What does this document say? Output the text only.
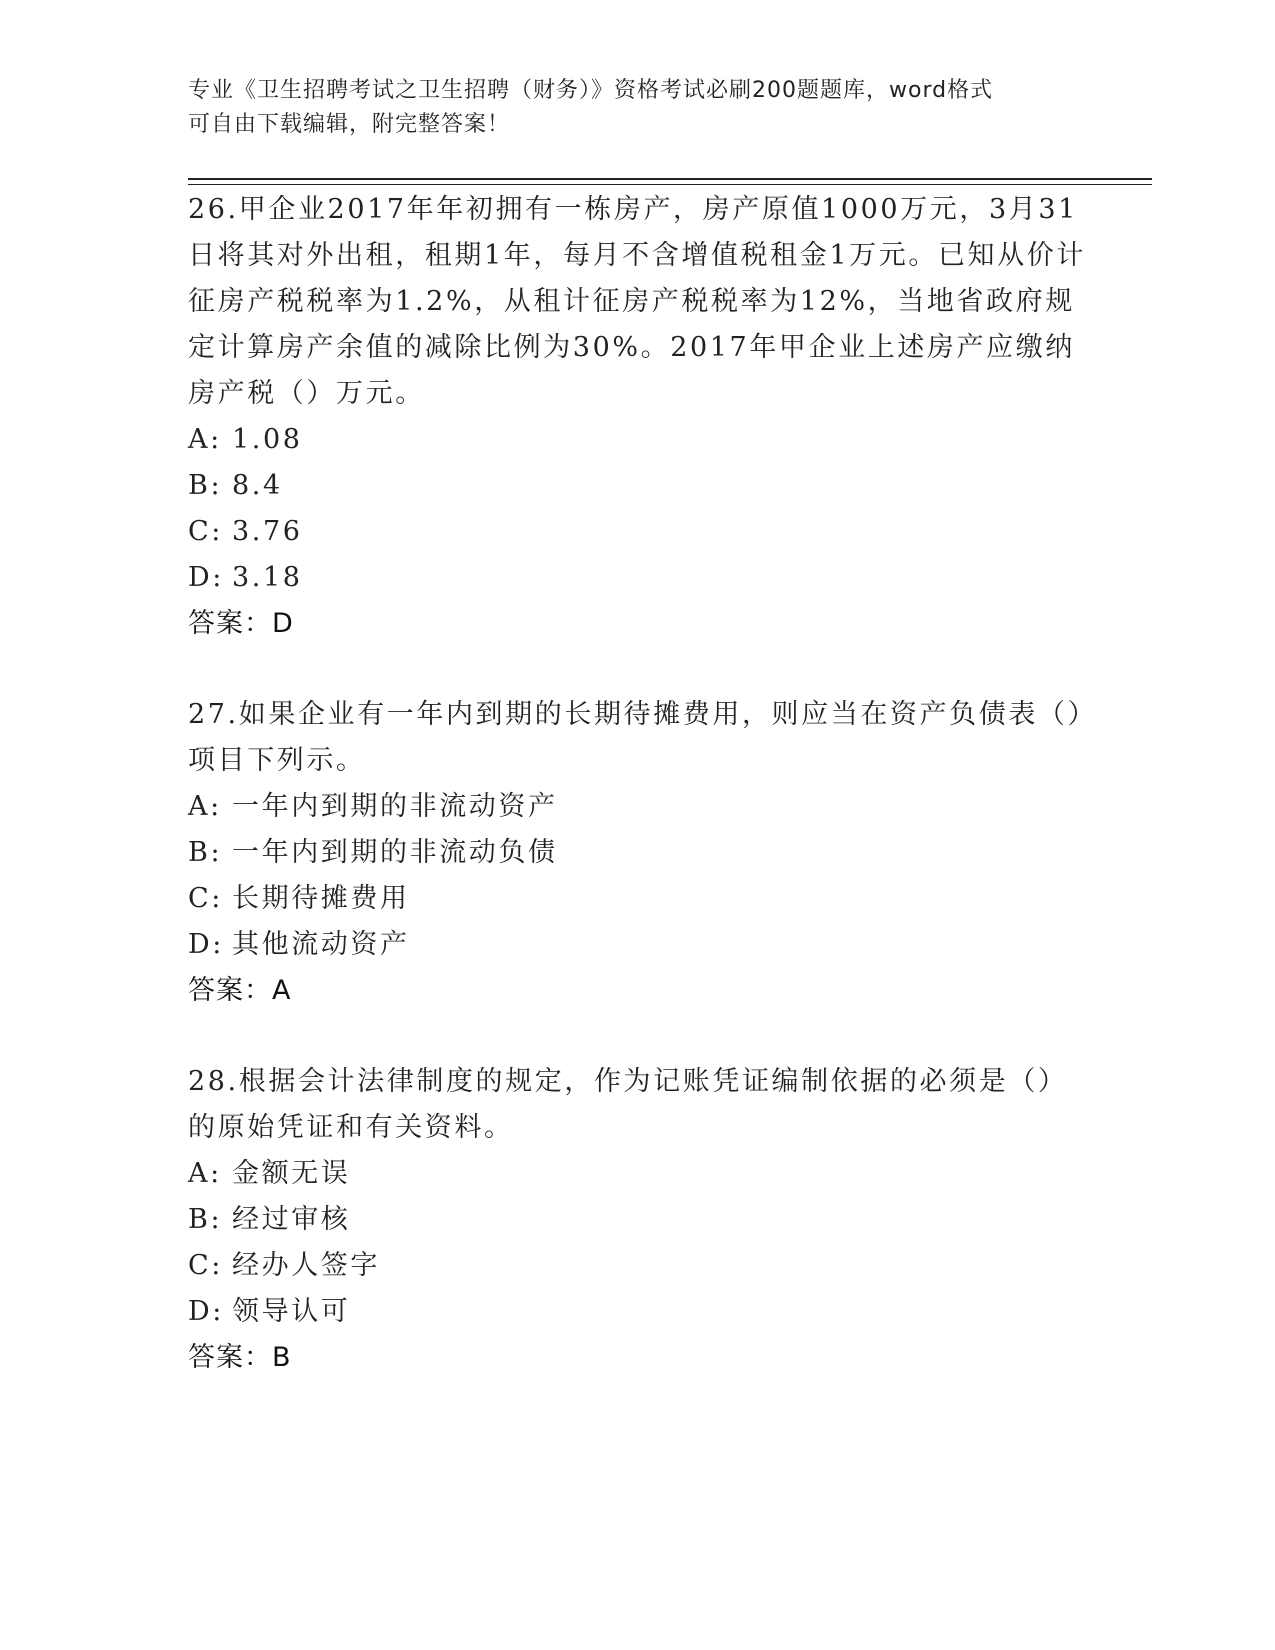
专业《卫生招聘考试之卫生招聘（财务）》资格考试必刷200题题库，word格式
可自由下载编辑，附完整答案！
26.甲企业2017年年初拥有一栋房产，房产原值1000万元，3月31日将其对外出租，租期1年，每月不含增值税租金1万元。已知从价计征房产税税率为1.2%，从租计征房产税税率为12%，当地省政府规定计算房产余值的减除比例为30%。2017年甲企业上述房产应缴纳房产税（）万元。
A: 1.08
B: 8.4
C: 3.76
D: 3.18
答案：D
27.如果企业有一年内到期的长期待摊费用，则应当在资产负债表（）项目下列示。
A: 一年内到期的非流动资产
B: 一年内到期的非流动负债
C: 长期待摊费用
D: 其他流动资产
答案：A
28.根据会计法律制度的规定，作为记账凭证编制依据的必须是（）的原始凭证和有关资料。
A: 金额无误
B: 经过审核
C: 经办人签字
D: 领导认可
答案：B
